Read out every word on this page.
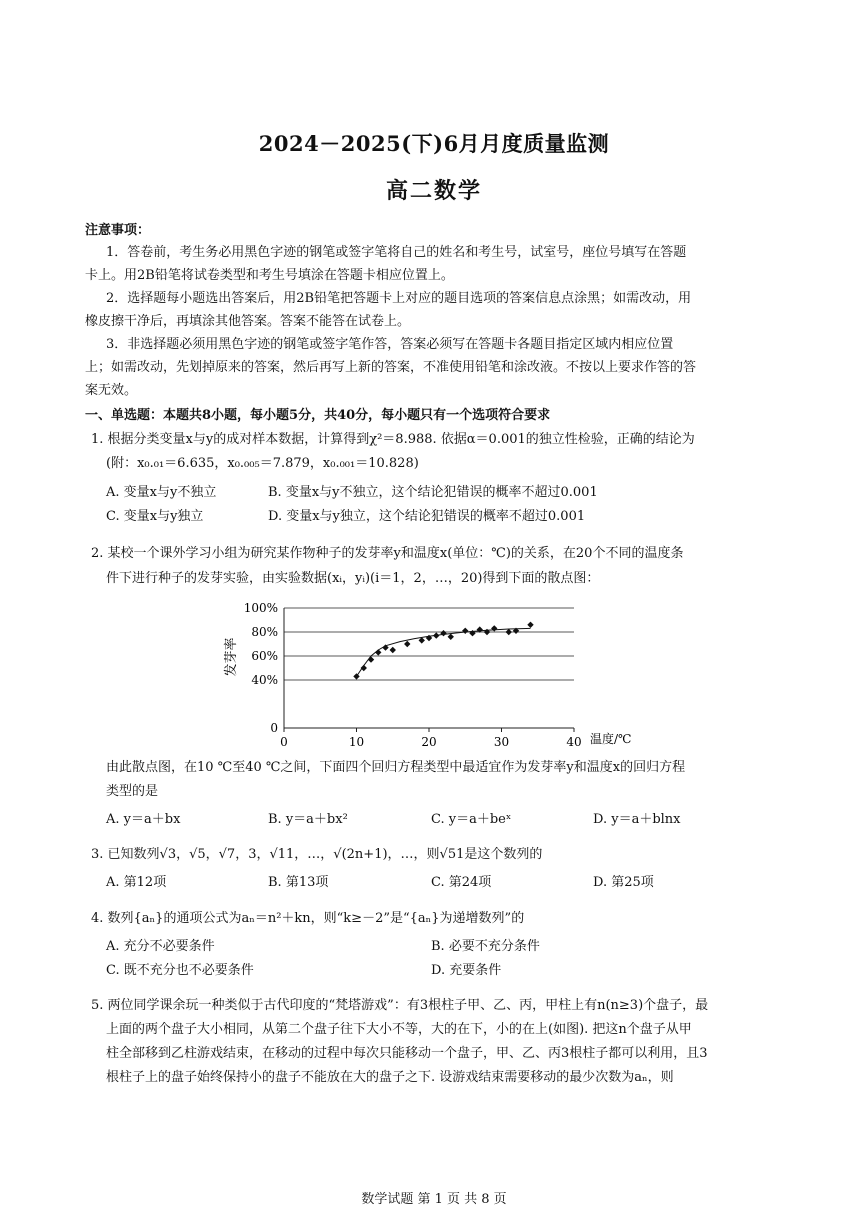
2024－2025(下)6月月度质量监测
高二数学
注意事项：
1．答卷前，考生务必用黑色字迹的钢笔或签字笔将自己的姓名和考生号，试室号，座位号填写在答题
卡上。用2B铅笔将试卷类型和考生号填涂在答题卡相应位置上。
2．选择题每小题选出答案后，用2B铅笔把答题卡上对应的题目选项的答案信息点涂黑；如需改动，用
橡皮擦干净后，再填涂其他答案。答案不能答在试卷上。
3．非选择题必须用黑色字迹的钢笔或签字笔作答，答案必须写在答题卡各题目指定区域内相应位置
上；如需改动，先划掉原来的答案，然后再写上新的答案，不准使用铅笔和涂改液。不按以上要求作答的答
案无效。
一、单选题：本题共8小题，每小题5分，共40分，每小题只有一个选项符合要求
1. 根据分类变量x与y的成对样本数据，计算得到χ²＝8.988. 依据α＝0.001的独立性检验，正确的结论为
(附：x₀.₀₁＝6.635，x₀.₀₀₅＝7.879，x₀.₀₀₁＝10.828)
A. 变量x与y不独立	B. 变量x与y不独立，这个结论犯错误的概率不超过0.001
C. 变量x与y独立	D. 变量x与y独立，这个结论犯错误的概率不超过0.001
2. 某校一个课外学习小组为研究某作物种子的发芽率y和温度x(单位：℃)的关系，在20个不同的温度条
件下进行种子的发芽实验，由实验数据(xᵢ，yᵢ)(i＝1，2，…，20)得到下面的散点图：
发芽率
0
40%
60%
80%
100%
0	10	20	30	40 温度/℃
由此散点图，在10 ℃至40 ℃之间，下面四个回归方程类型中最适宜作为发芽率y和温度x的回归方程
类型的是
A. y＝a＋bx	B. y＝a＋bx²	C. y＝a＋beˣ	D. y＝a＋blnx
3. 已知数列√3，√5，√7，3，√11，…，√(2n+1)，…，则√51是这个数列的
A. 第12项	B. 第13项	C. 第24项	D. 第25项
4. 数列{aₙ}的通项公式为aₙ＝n²＋kn，则“k≥－2”是“{aₙ}为递增数列”的
A. 充分不必要条件	B. 必要不充分条件
C. 既不充分也不必要条件	D. 充要条件
5. 两位同学课余玩一种类似于古代印度的“梵塔游戏”：有3根柱子甲、乙、丙，甲柱上有n(n≥3)个盘子，最
上面的两个盘子大小相同，从第二个盘子往下大小不等，大的在下，小的在上(如图). 把这n个盘子从甲
柱全部移到乙柱游戏结束，在移动的过程中每次只能移动一个盘子，甲、乙、丙3根柱子都可以利用，且3
根柱子上的盘子始终保持小的盘子不能放在大的盘子之下. 设游戏结束需要移动的最少次数为aₙ，则
数学试题 第 1 页 共 8 页
